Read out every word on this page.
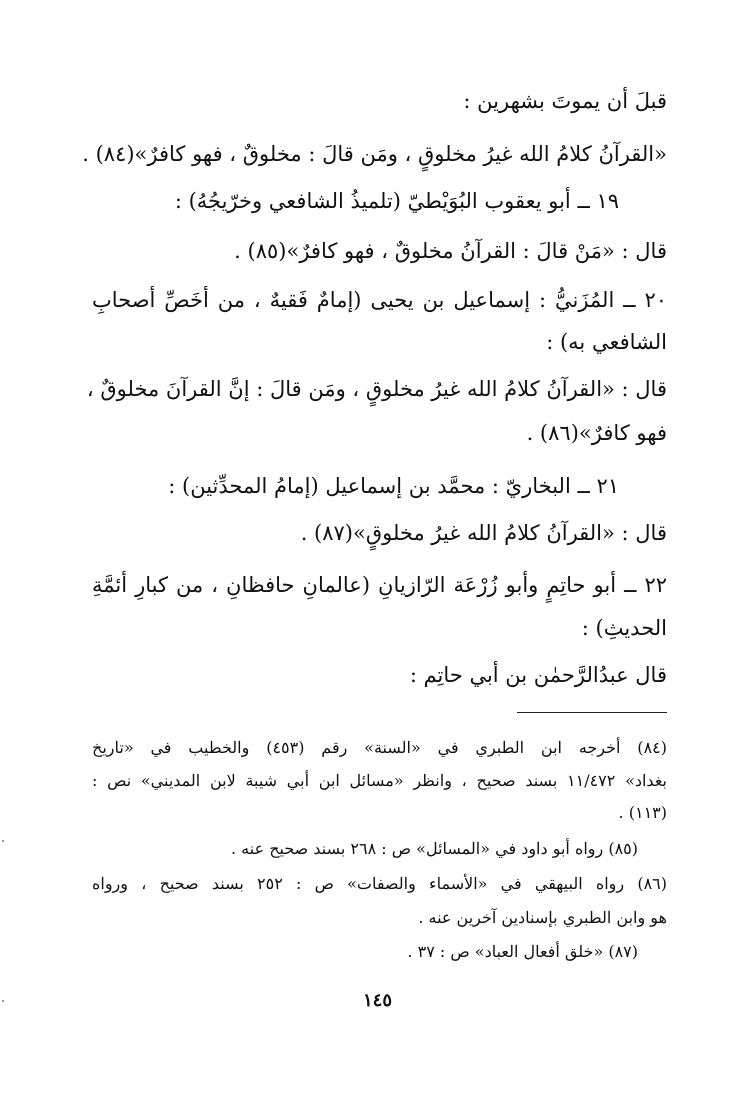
قبلَ أن يموتَ بشهرين :
«القرآنُ كلامُ الله غيرُ مخلوقٍ ، ومَن قالَ : مخلوقٌ ، فهو كافرٌ»(٨٤) .
١٩ ــ أبو يعقوب البُوَيْطيّ (تلميذُ الشافعي وخرّيجُهُ) :
قال : «مَنْ قالَ : القرآنُ مخلوقٌ ، فهو كافرٌ»(٨٥) .
٢٠ ــ المُزَنيُّ : إسماعيل بن يحيى (إمامٌ فَقيهٌ ، من أخَصِّ أصحابِ
الشافعي به) :
قال : «القرآنُ كلامُ الله غيرُ مخلوقٍ ، ومَن قالَ : إنَّ القرآنَ مخلوقٌ ،
فهو كافرٌ»(٨٦) .
٢١ ــ البخاريّ : محمَّد بن إسماعيل (إمامُ المحدِّثين) :
قال : «القرآنُ كلامُ الله غيرُ مخلوقٍ»(٨٧) .
٢٢ ــ أبو حاتِمٍ وأبو زُرْعَة الرّازيانِ (عالمانِ حافظانِ ، من كبارِ أئمَّةِ
الحديثِ) :
قال عبدُالرَّحمٰن بن أبي حاتِم :
(٨٤) أخرجه ابن الطبري في «السنة» رقم (٤٥٣) والخطيب في «تاريخ
بغداد» ١١/٤٧٢ بسند صحيح ، وانظر «مسائل ابن أبي شيبة لابن المديني» نص :
(١١٣) .
(٨٥) رواه أبو داود في «المسائل» ص : ٢٦٨ بسند صحيح عنه .
(٨٦) رواه البيهقي في «الأسماء والصفات» ص : ٢٥٢ بسند صحيح ، ورواه
هو وابن الطبري بإسنادين آخرين عنه .
(٨٧) «خلق أفعال العباد» ص : ٣٧ .
١٤٥
